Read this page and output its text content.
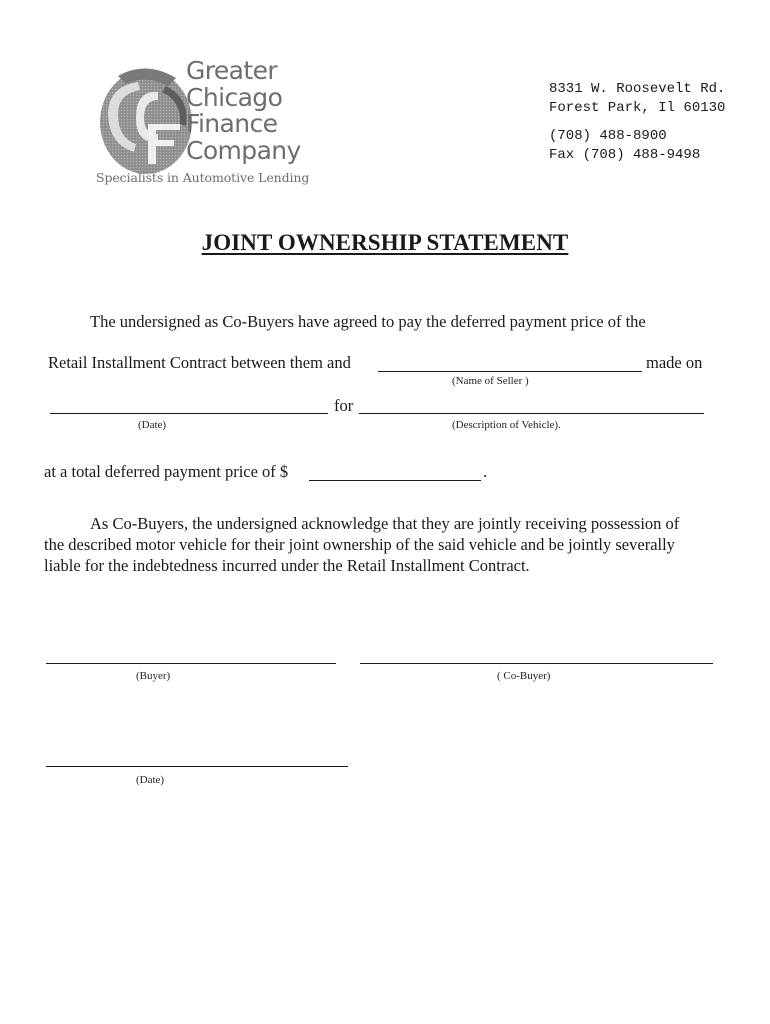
Greater
Chicago
Finance
Company
Specialists in Automotive Lending
8331 W. Roosevelt Rd.
Forest Park, Il 60130
(708) 488-8900
Fax (708) 488-9498
JOINT OWNERSHIP STATEMENT
The undersigned as Co-Buyers have agreed to pay the deferred payment price of the
Retail Installment Contract between them and	made on
(Name of Seller )
for
(Date)	(Description of Vehicle).
at a total deferred payment price of $	.
As Co-Buyers, the undersigned acknowledge that they are jointly receiving possession of
the described motor vehicle for their joint ownership of the said vehicle and be jointly severally
liable for the indebtedness incurred under the Retail Installment Contract.
(Buyer)	( Co-Buyer)
(Date)
